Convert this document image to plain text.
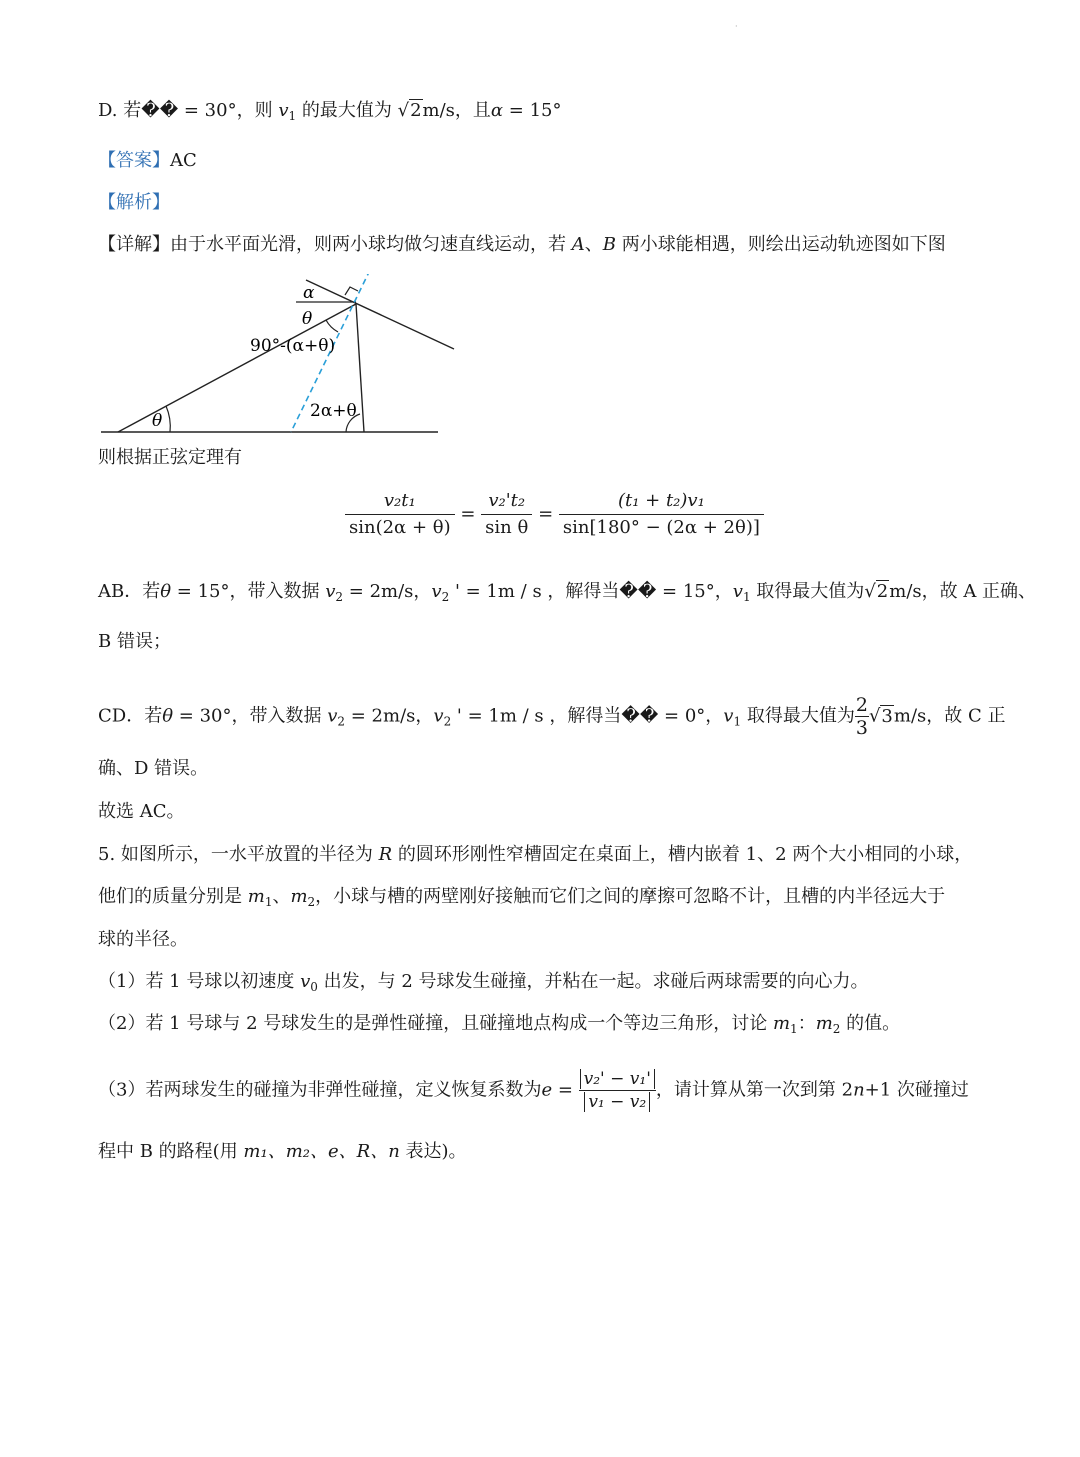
·
D. 若�� = 30°，则 $v_1$ 的最大值为 √2m/s，且α = 15°
【答案】AC
【解析】
【详解】由于水平面光滑，则两小球均做匀速直线运动，若 A、B 两小球能相遇，则绘出运动轨迹图如下图
α
θ
90°-(α+θ)
2α+θ
θ
则根据正弦定理有
$\frac{\text{v₂t₁}}{\sin(2\alpha + \theta)} = \frac{\text{v₂'t₂}}{\text{sin θ}} = \frac{\text{(t₁ + t₂)v₁}}{\sin[180^\circ - (2\alpha + 2\theta)]}$
AB．若θ = 15°，带入数据 $v_2 = 2m/s$，$v_2$ ' = 1m / s ，解得当�� = 15°，$v_1$ 取得最大值为√2m/s，故 A 正确、
B 错误；
CD．若θ = 30°，带入数据 $v_2 = 2m/s$，$v_2$ ' = 1m / s ，解得当�� = 0°，$v_1$ 取得最大值为 $\frac{2}{3} √3m/s$，故 C 正
确、D 错误。
故选 AC。
5. 如图所示，一水平放置的半径为 R 的圆环形刚性窄槽固定在桌面上，槽内嵌着 1、2 两个大小相同的小球，
他们的质量分别是 $m_1$、$m_2$，小球与槽的两壁刚好接触而它们之间的摩擦可忽略不计，且槽的内半径远大于
球的半径。
（1）若 1 号球以初速度 $v_0$ 出发，与 2 号球发生碰撞，并粘在一起。求碰后两球需要的向心力。
（2）若 1 号球与 2 号球发生的是弹性碰撞，且碰撞地点构成一个等边三角形，讨论 $m_1$：$m_2$ 的值。
（3）若两球发生的碰撞为非弹性碰撞，定义恢复系数为$e = \frac{\text{v₂' − v₁'}}{\text{v₁ − v₂}}$ ，请计算从第一次到第 2n+1 次碰撞过
程中 B 的路程(用 m₁、m₂、e、R、n 表达)。
